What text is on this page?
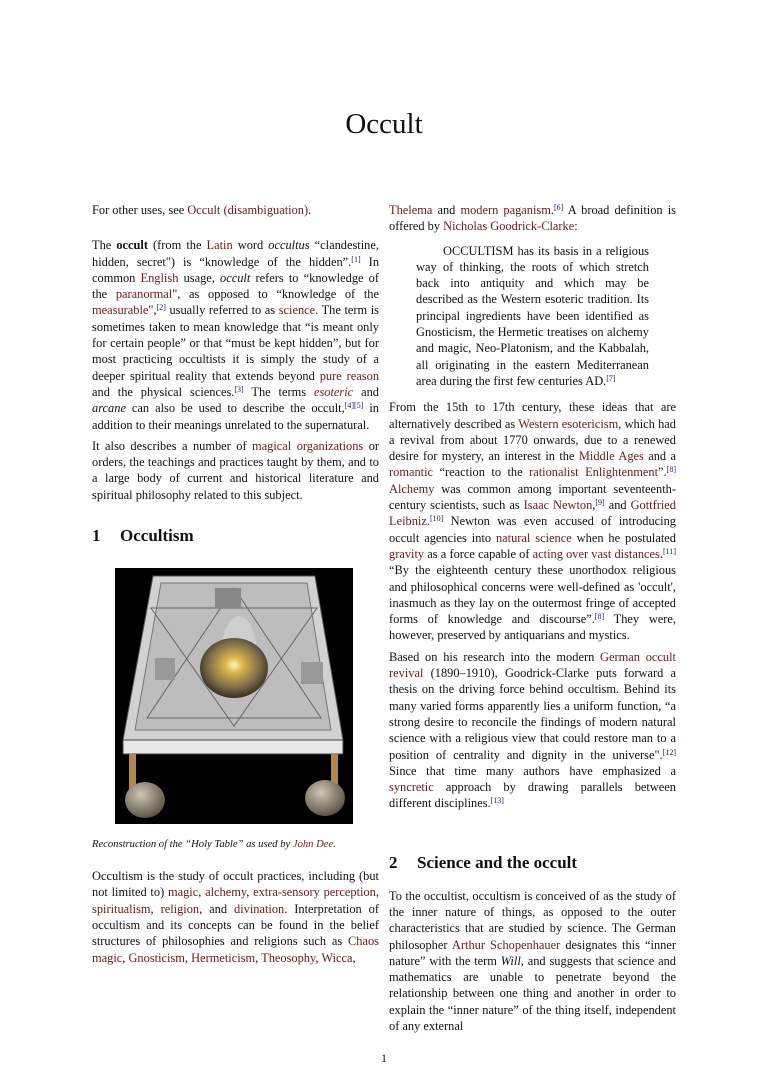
Occult

For other uses, see Occult (disambiguation).

The occult (from the Latin word occultus “clandestine, hidden, secret") is “knowledge of the hidden”.[1] In common English usage, occult refers to “knowledge of the paranormal", as opposed to “knowledge of the measurable",[2] usually referred to as science. The term is sometimes taken to mean knowledge that “is meant only for certain people” or that “must be kept hidden”, but for most practicing occultists it is simply the study of a deeper spiritual reality that extends beyond pure reason and the physical sciences.[3] The terms esoteric and arcane can also be used to describe the occult,[4][5] in addition to their meanings unrelated to the supernatural.

It also describes a number of magical organizations or orders, the teachings and practices taught by them, and to a large body of current and historical literature and spiritual philosophy related to this subject.

1 Occultism

Reconstruction of the “Holy Table” as used by John Dee.

Occultism is the study of occult practices, including (but not limited to) magic, alchemy, extra-sensory perception, spiritualism, religion, and divination. Interpretation of occultism and its concepts can be found in the belief structures of philosophies and religions such as Chaos magic, Gnosticism, Hermeticism, Theosophy, Wicca,

Thelema and modern paganism.[6] A broad definition is offered by Nicholas Goodrick-Clarke:

OCCULTISM has its basis in a religious way of thinking, the roots of which stretch back into antiquity and which may be described as the Western esoteric tradition. Its principal ingredients have been identified as Gnosticism, the Hermetic treatises on alchemy and magic, Neo-Platonism, and the Kabbalah, all originating in the eastern Mediterranean area during the first few centuries AD.[7]

From the 15th to 17th century, these ideas that are alternatively described as Western esotericism, which had a revival from about 1770 onwards, due to a renewed desire for mystery, an interest in the Middle Ages and a romantic “reaction to the rationalist Enlightenment”.[8] Alchemy was common among important seventeenth-century scientists, such as Isaac Newton,[9] and Gottfried Leibniz.[10] Newton was even accused of introducing occult agencies into natural science when he postulated gravity as a force capable of acting over vast distances.[11] “By the eighteenth century these unorthodox religious and philosophical concerns were well-defined as 'occult', inasmuch as they lay on the outermost fringe of accepted forms of knowledge and discourse”.[8] They were, however, preserved by antiquarians and mystics.

Based on his research into the modern German occult revival (1890–1910), Goodrick-Clarke puts forward a thesis on the driving force behind occultism. Behind its many varied forms apparently lies a uniform function, “a strong desire to reconcile the findings of modern natural science with a religious view that could restore man to a position of centrality and dignity in the universe".[12] Since that time many authors have emphasized a syncretic approach by drawing parallels between different disciplines.[13]

2 Science and the occult

To the occultist, occultism is conceived of as the study of the inner nature of things, as opposed to the outer characteristics that are studied by science. The German philosopher Arthur Schopenhauer designates this “inner nature” with the term Will, and suggests that science and mathematics are unable to penetrate beyond the relationship between one thing and another in order to explain the “inner nature” of the thing itself, independent of any external

1
